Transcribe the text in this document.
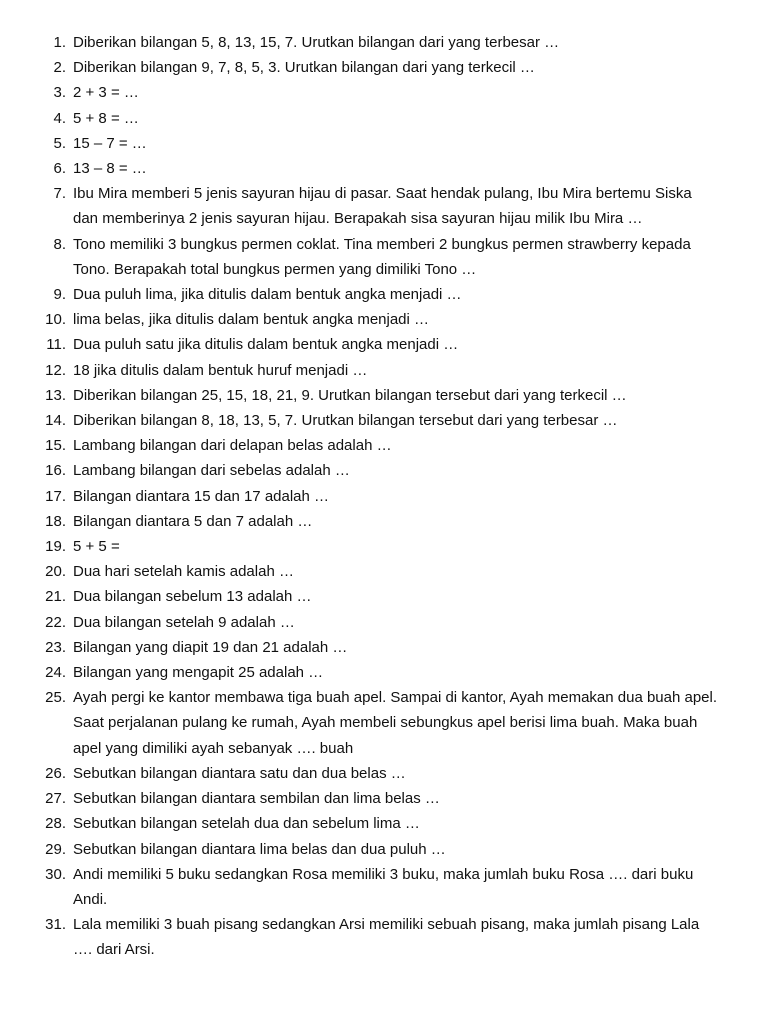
1. Diberikan bilangan 5, 8, 13, 15, 7. Urutkan bilangan dari yang terbesar …
2. Diberikan bilangan 9, 7, 8, 5, 3. Urutkan bilangan dari yang terkecil …
3. 2 + 3 = …
4. 5 + 8 = …
5. 15 – 7 = …
6. 13 – 8 = …
7. Ibu Mira memberi 5 jenis sayuran hijau di pasar. Saat hendak pulang, Ibu Mira bertemu Siska dan memberinya 2 jenis sayuran hijau. Berapakah sisa sayuran hijau milik Ibu Mira …
8. Tono memiliki 3 bungkus permen coklat. Tina memberi 2 bungkus permen strawberry kepada Tono. Berapakah total bungkus permen yang dimiliki Tono …
9. Dua puluh lima, jika ditulis dalam bentuk angka menjadi …
10. lima belas, jika ditulis dalam bentuk angka menjadi …
11. Dua puluh satu jika ditulis dalam bentuk angka menjadi …
12. 18 jika ditulis dalam bentuk huruf menjadi …
13. Diberikan bilangan 25, 15, 18, 21, 9. Urutkan bilangan tersebut dari yang terkecil …
14. Diberikan bilangan 8, 18, 13, 5, 7. Urutkan bilangan tersebut dari yang terbesar …
15. Lambang bilangan dari delapan belas adalah …
16. Lambang bilangan dari sebelas adalah …
17. Bilangan diantara 15 dan 17 adalah …
18. Bilangan diantara 5 dan 7 adalah …
19. 5 + 5 =
20. Dua hari setelah kamis adalah …
21. Dua bilangan sebelum 13 adalah …
22. Dua bilangan setelah 9 adalah …
23. Bilangan yang diapit 19 dan 21 adalah …
24. Bilangan yang mengapit 25 adalah …
25. Ayah pergi ke kantor membawa tiga buah apel. Sampai di kantor, Ayah memakan dua buah apel. Saat perjalanan pulang ke rumah, Ayah membeli sebungkus apel berisi lima buah. Maka buah apel yang dimiliki ayah sebanyak …. buah
26. Sebutkan bilangan diantara satu dan dua belas …
27. Sebutkan bilangan diantara sembilan dan lima belas …
28. Sebutkan bilangan setelah dua dan sebelum lima …
29. Sebutkan bilangan diantara lima belas dan dua puluh …
30. Andi memiliki 5 buku sedangkan Rosa memiliki 3 buku, maka jumlah buku Rosa …. dari buku Andi.
31. Lala memiliki 3 buah pisang sedangkan Arsi memiliki sebuah pisang, maka jumlah pisang Lala …. dari Arsi.
